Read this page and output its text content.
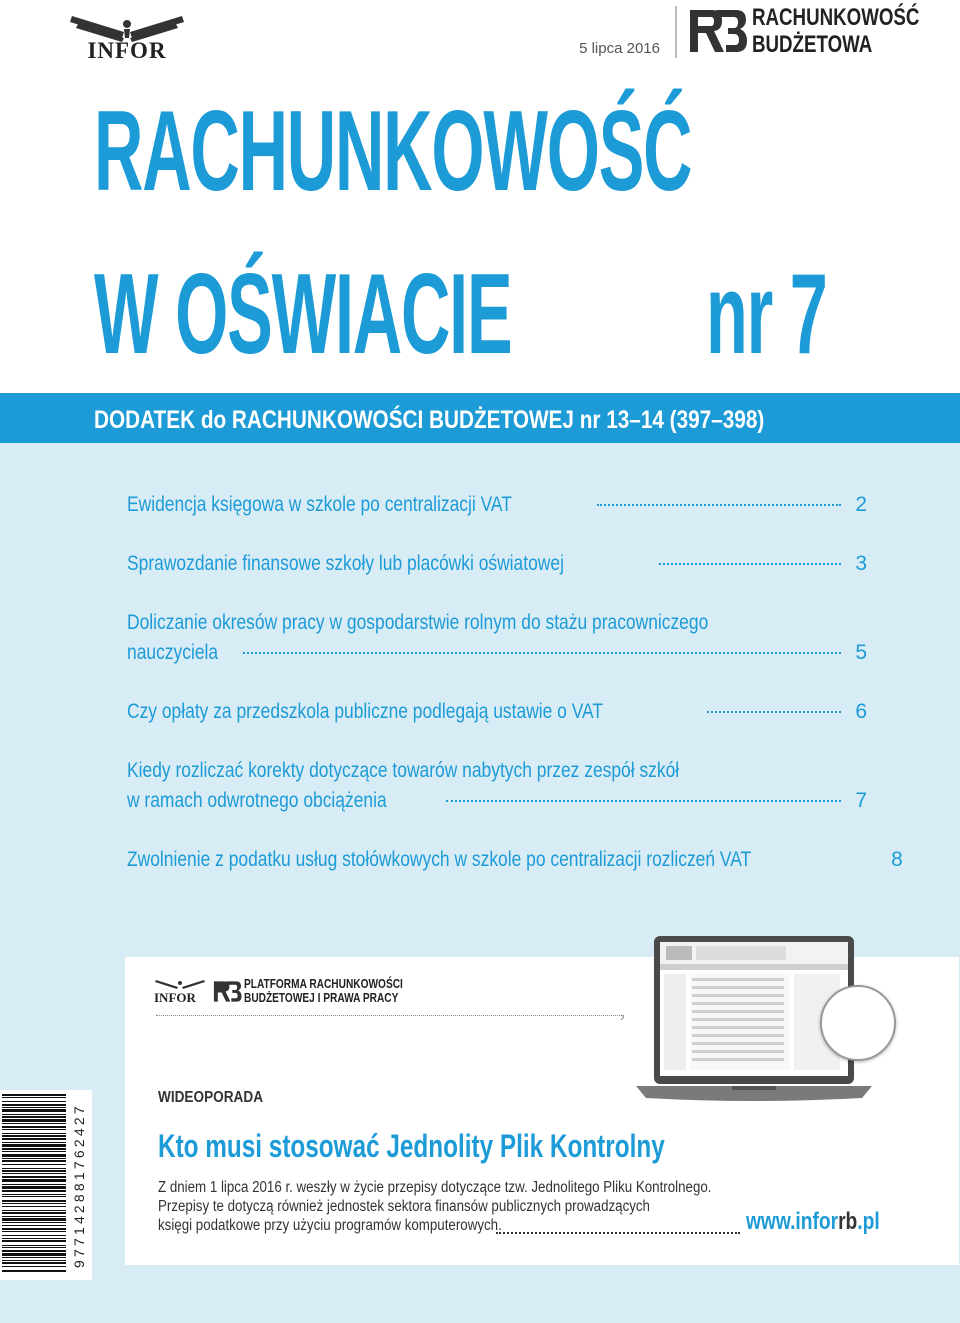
INFOR	5 lipca 2016
RACHUNKOWOŚĆ
BUDŻETOWA
RACHUNKOWOŚĆ
W OŚWIACIE nr 7
DODATEK do RACHUNKOWOŚCI BUDŻETOWEJ nr 13–14 (397–398)
Ewidencja księgowa w szkole po centralizacji VAT	2
Sprawozdanie finansowe szkoły lub placówki oświatowej	3
Doliczanie okresów pracy w gospodarstwie rolnym do stażu pracowniczego
nauczyciela	5
Czy opłaty za przedszkola publiczne podlegają ustawie o VAT	6
Kiedy rozliczać korekty dotyczące towarów nabytych przez zespół szkół
w ramach odwrotnego obciążenia	7
Zwolnienie z podatku usług stołówkowych w szkole po centralizacji rozliczeń VAT	8
INFOR
PLATFORMA RACHUNKOWOŚCI
BUDŻETOWEJ I PRAWA PRACY
›
WIDEOPORADA
Kto musi stosować Jednolity Plik Kontrolny
Z dniem 1 lipca 2016 r. weszły w życie przepisy dotyczące tzw. Jednolitego Pliku Kontrolnego.
Przepisy te dotyczą również jednostek sektora finansów publicznych prowadzących
księgi podatkowe przy użyciu programów komputerowych.	www.inforrb.pl
977142881762427
